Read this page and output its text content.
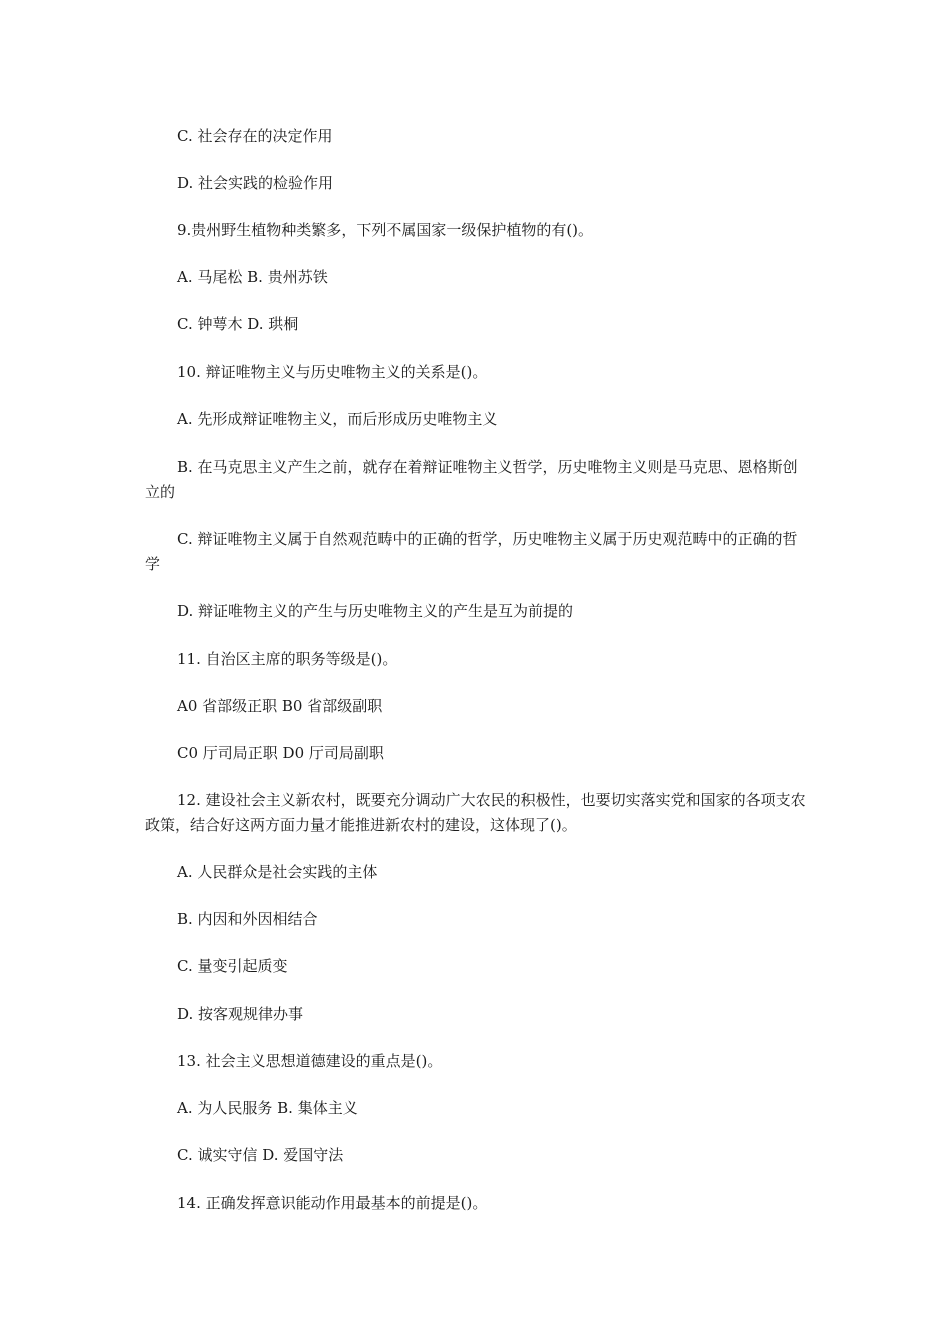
C. 社会存在的决定作用

D. 社会实践的检验作用

9.贵州野生植物种类繁多，下列不属国家一级保护植物的有()。

A. 马尾松 B. 贵州苏铁

C. 钟萼木 D. 珙桐

10. 辩证唯物主义与历史唯物主义的关系是()。

A. 先形成辩证唯物主义，而后形成历史唯物主义

B. 在马克思主义产生之前，就存在着辩证唯物主义哲学，历史唯物主义则是马克思、恩格斯创立的

C. 辩证唯物主义属于自然观范畴中的正确的哲学，历史唯物主义属于历史观范畴中的正确的哲学

D. 辩证唯物主义的产生与历史唯物主义的产生是互为前提的

11. 自治区主席的职务等级是()。

A0 省部级正职 B0 省部级副职

C0 厅司局正职 D0 厅司局副职

12. 建设社会主义新农村，既要充分调动广大农民的积极性，也要切实落实党和国家的各项支农政策，结合好这两方面力量才能推进新农村的建设，这体现了()。

A. 人民群众是社会实践的主体

B. 内因和外因相结合

C. 量变引起质变

D. 按客观规律办事

13. 社会主义思想道德建设的重点是()。

A. 为人民服务 B. 集体主义

C. 诚实守信 D. 爱国守法

14. 正确发挥意识能动作用最基本的前提是()。
